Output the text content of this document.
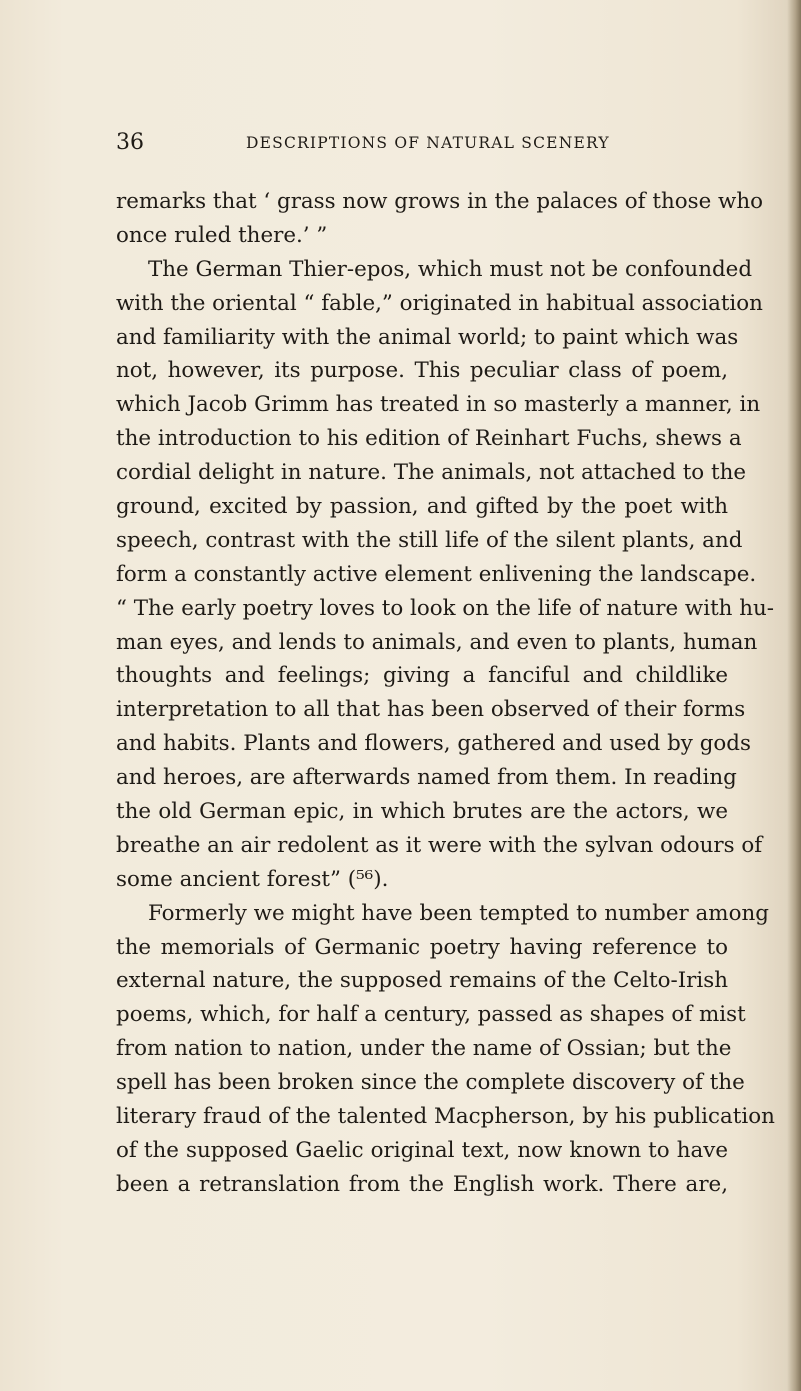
36	DESCRIPTIONS OF NATURAL SCENERY
remarks that ‘ grass now grows in the palaces of those who
once ruled there.’ ”
The German Thier-epos, which must not be confounded
with the oriental “ fable,” originated in habitual association
and familiarity with the animal world; to paint which was
not, however, its purpose. This peculiar class of poem,
which Jacob Grimm has treated in so masterly a manner, in
the introduction to his edition of Reinhart Fuchs, shews a
cordial delight in nature. The animals, not attached to the
ground, excited by passion, and gifted by the poet with
speech, contrast with the still life of the silent plants, and
form a constantly active element enlivening the landscape.
“ The early poetry loves to look on the life of nature with hu-
man eyes, and lends to animals, and even to plants, human
thoughts and feelings; giving a fanciful and childlike
interpretation to all that has been observed of their forms
and habits. Plants and flowers, gathered and used by gods
and heroes, are afterwards named from them. In reading
the old German epic, in which brutes are the actors, we
breathe an air redolent as it were with the sylvan odours of
some ancient forest” (⁵⁶).
Formerly we might have been tempted to number among
the memorials of Germanic poetry having reference to
external nature, the supposed remains of the Celto-Irish
poems, which, for half a century, passed as shapes of mist
from nation to nation, under the name of Ossian; but the
spell has been broken since the complete discovery of the
literary fraud of the talented Macpherson, by his publication
of the supposed Gaelic original text, now known to have
been a retranslation from the English work. There are,
